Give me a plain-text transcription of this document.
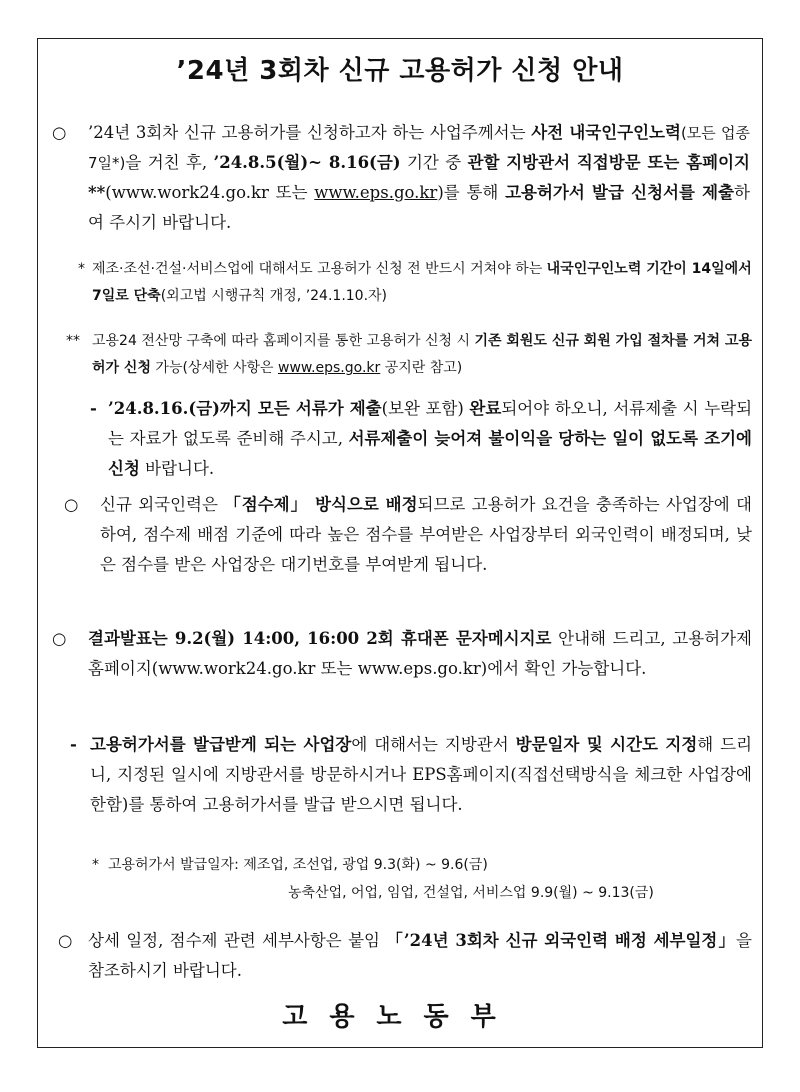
’24년 3회차 신규 고용허가 신청 안내
○ ’24년 3회차 신규 고용허가를 신청하고자 하는 사업주께서는 사전 내국인구인노력(모든 업종 7일*)을 거친 후, ’24.8.5(월)~ 8.16(금) 기간 중 관할 지방관서 직접방문 또는 홈페이지**(www.work24.go.kr 또는 www.eps.go.kr)를 통해 고용허가서 발급 신청서를 제출하여 주시기 바랍니다.
* 제조·조선·건설·서비스업에 대해서도 고용허가 신청 전 반드시 거쳐야 하는 내국인구인노력 기간이 14일에서 7일로 단축(외고법 시행규칙 개정, ’24.1.10.자)
** 고용24 전산망 구축에 따라 홈페이지를 통한 고용허가 신청 시 기존 회원도 신규 회원 가입 절차를 거쳐 고용허가 신청 가능(상세한 사항은 www.eps.go.kr 공지란 참고)
- ’24.8.16.(금)까지 모든 서류가 제출(보완 포함) 완료되어야 하오니, 서류제출 시 누락되는 자료가 없도록 준비해 주시고, 서류제출이 늦어져 불이익을 당하는 일이 없도록 조기에 신청 바랍니다.
○ 신규 외국인력은 「점수제」 방식으로 배정되므로 고용허가 요건을 충족하는 사업장에 대하여, 점수제 배점 기준에 따라 높은 점수를 부여받은 사업장부터 외국인력이 배정되며, 낮은 점수를 받은 사업장은 대기번호를 부여받게 됩니다.
○ 결과발표는 9.2(월) 14:00, 16:00 2회 휴대폰 문자메시지로 안내해 드리고, 고용허가제 홈페이지(www.work24.go.kr 또는 www.eps.go.kr)에서 확인 가능합니다.
- 고용허가서를 발급받게 되는 사업장에 대해서는 지방관서 방문일자 및 시간도 지정해 드리니, 지정된 일시에 지방관서를 방문하시거나 EPS홈페이지(직접선택방식을 체크한 사업장에 한함)를 통하여 고용허가서를 발급 받으시면 됩니다.
* 고용허가서 발급일자: 제조업, 조선업, 광업 9.3(화) ~ 9.6(금)
농축산업, 어업, 임업, 건설업, 서비스업 9.9(월) ~ 9.13(금)
○ 상세 일정, 점수제 관련 세부사항은 붙임 「’24년 3회차 신규 외국인력 배정 세부일정」을 참조하시기 바랍니다.
고용노동부
